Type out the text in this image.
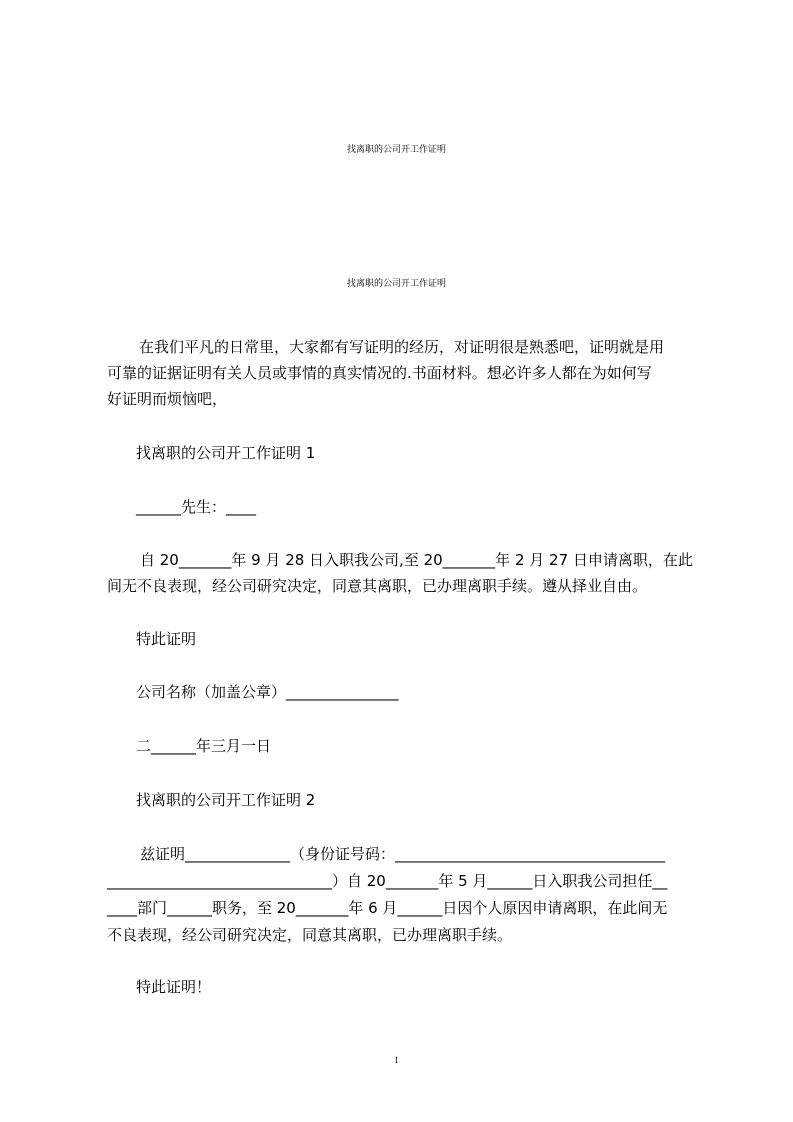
找离职的公司开工作证明
找离职的公司开工作证明
在我们平凡的日常里，大家都有写证明的经历，对证明很是熟悉吧，证明就是用
可靠的证据证明有关人员或事情的真实情况的.书面材料。想必许多人都在为如何写
好证明而烦恼吧，
找离职的公司开工作证明 1
______先生：____
自 20_______年 9 月 28 日入职我公司,至 20_______年 2 月 27 日申请离职，在此
间无不良表现，经公司研究决定，同意其离职，已办理离职手续。遵从择业自由。
特此证明
公司名称（加盖公章）_______________
二______年三月一日
找离职的公司开工作证明 2
兹证明______________（身份证号码：____________________________________
______________________________）自 20_______年 5 月______日入职我公司担任__
____部门______职务，至 20_______年 6 月______日因个人原因申请离职，在此间无
不良表现，经公司研究决定，同意其离职，已办理离职手续。
特此证明！
1
